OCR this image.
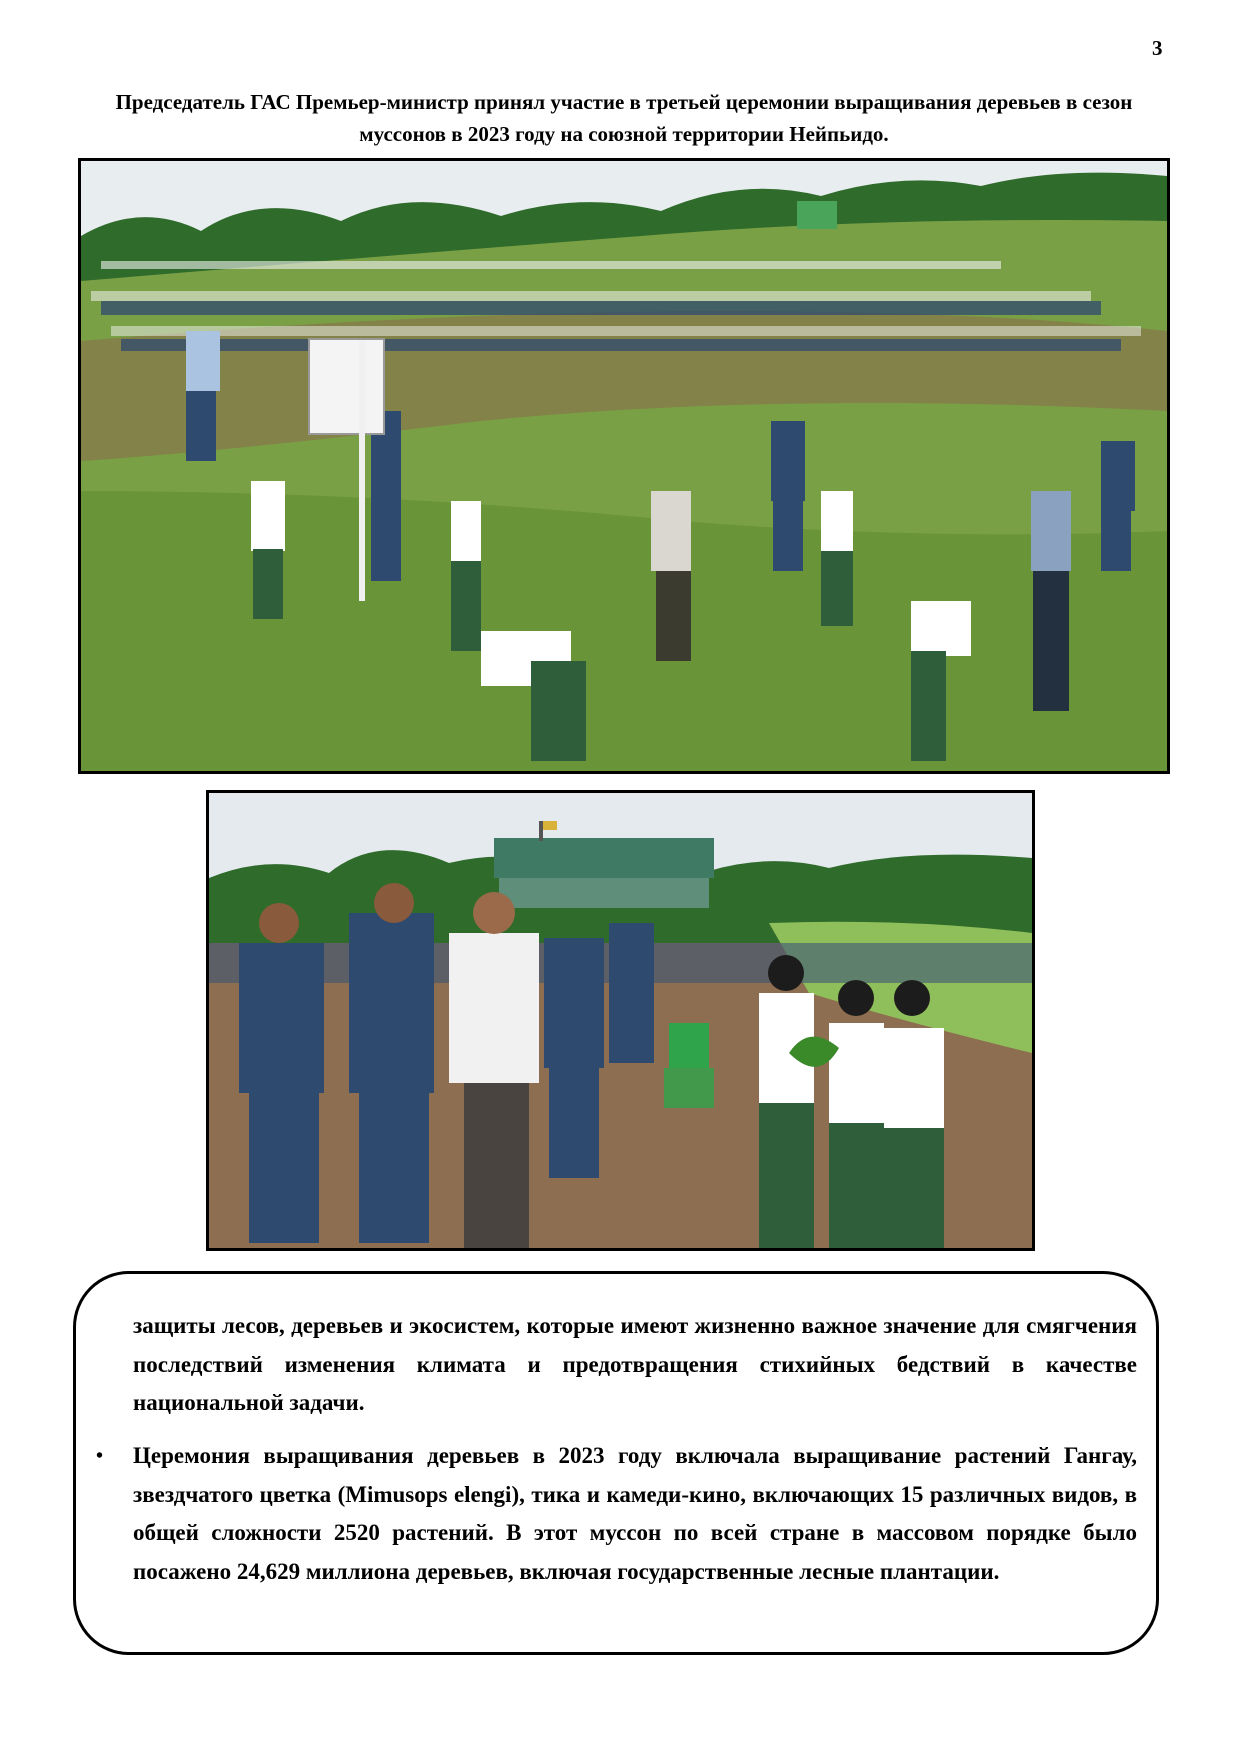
3
Председатель ГАС Премьер-министр принял участие в третьей церемонии выращивания деревьев в сезон муссонов в 2023 году на союзной территории Нейпьидо.

защиты лесов, деревьев и экосистем, которые имеют жизненно важное значение для смягчения последствий изменения климата и предотвращения стихийных бедствий в качестве национальной задачи.

• Церемония выращивания деревьев в 2023 году включала выращивание растений Гангау, звездчатого цветка (Mimusops elengi), тика и камеди-кино, включающих 15 различных видов, в общей сложности 2520 растений. В этот муссон по всей стране в массовом порядке было посажено 24,629 миллиона деревьев, включая государственные лесные плантации.
